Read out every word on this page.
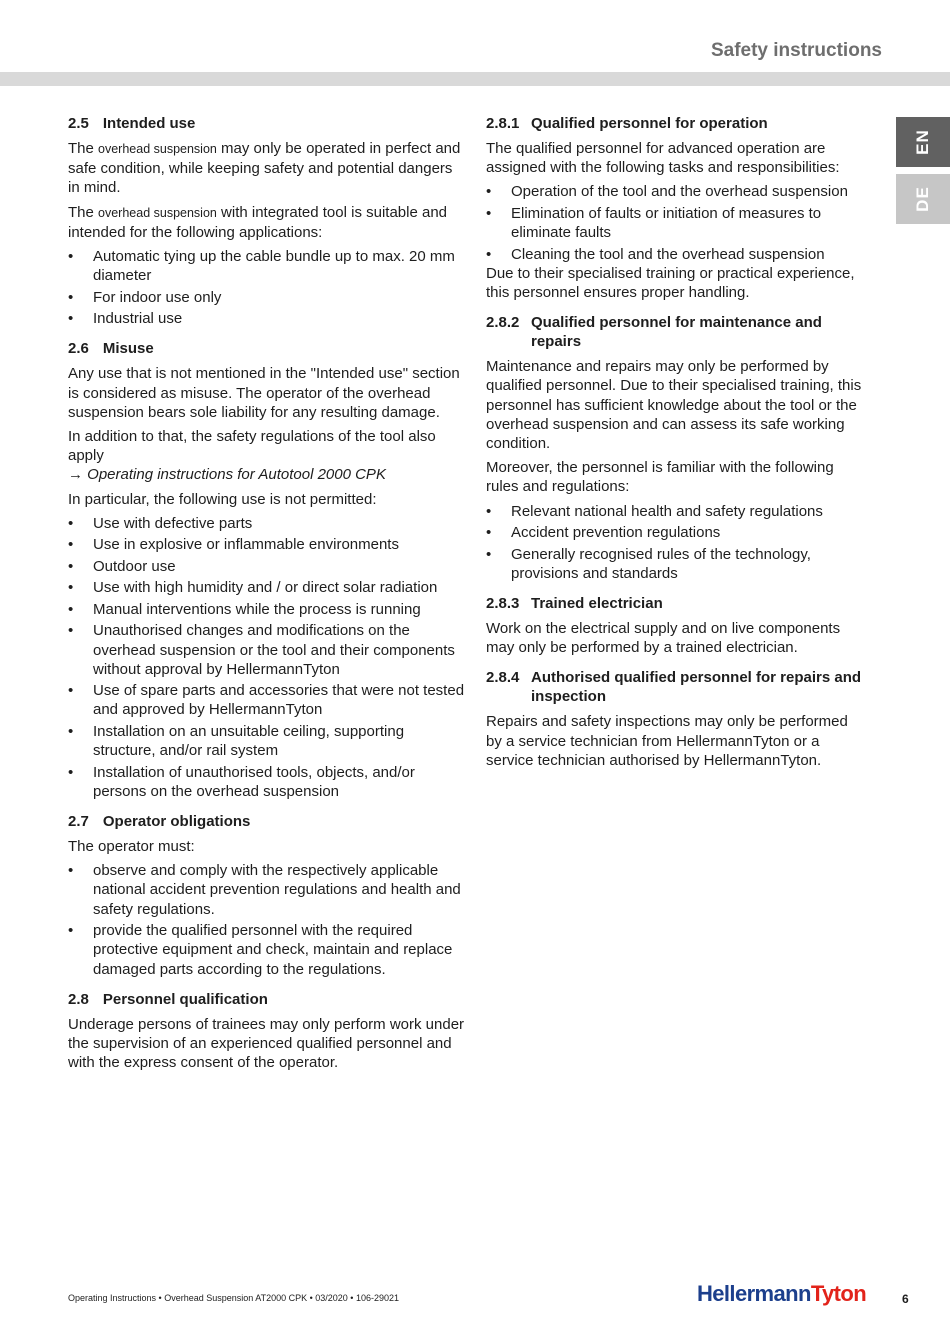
Safety instructions
EN
DE
2.5 Intended use

The overhead suspension may only be operated in perfect and safe condition, while keeping safety and potential dangers in mind.

The overhead suspension with integrated tool is suitable and intended for the following applications:

• Automatic tying up the cable bundle up to max. 20 mm diameter
• For indoor use only
• Industrial use
2.6 Misuse

Any use that is not mentioned in the "Intended use" section is considered as misuse. The operator of the overhead suspension bears sole liability for any resulting damage.

In addition to that, the safety regulations of the tool also apply

→ Operating instructions for Autotool 2000 CPK

In particular, the following use is not permitted:

• Use with defective parts
• Use in explosive or inflammable environments
• Outdoor use
• Use with high humidity and / or direct solar radiation
• Manual interventions while the process is running
• Unauthorised changes and modifications on the overhead suspension or the tool and their components without approval by HellermannTyton
• Use of spare parts and accessories that were not tested and approved by HellermannTyton
• Installation on an unsuitable ceiling, supporting structure, and/or rail system
• Installation of unauthorised tools, objects, and/or persons on the overhead suspension
2.7 Operator obligations

The operator must:

• observe and comply with the respectively applicable national accident prevention regulations and health and safety regulations.
• provide the qualified personnel with the required protective equipment and check, maintain and replace damaged parts according to the regulations.
2.8 Personnel qualification

Underage persons of trainees may only perform work under the supervision of an experienced qualified personnel and with the express consent of the operator.

2.8.1 Qualified personnel for operation

The qualified personnel for advanced operation are assigned with the following tasks and responsibilities:

• Operation of the tool and the overhead suspension
• Elimination of faults or initiation of measures to eliminate faults
• Cleaning the tool and the overhead suspension

Due to their specialised training or practical experience, this personnel ensures proper handling.

2.8.2 Qualified personnel for maintenance and repairs

Maintenance and repairs may only be performed by qualified personnel. Due to their specialised training, this personnel has sufficient knowledge about the tool or the overhead suspension and can assess its safe working condition.

Moreover, the personnel is familiar with the following rules and regulations:

• Relevant national health and safety regulations
• Accident prevention regulations
• Generally recognised rules of the technology, provisions and standards
2.8.3 Trained electrician

Work on the electrical supply and on live components may only be performed by a trained electrician.

2.8.4 Authorised qualified personnel for repairs and inspection

Repairs and safety inspections may only be performed by a service technician from HellermannTyton or a service technician authorised by HellermannTyton.

Operating Instructions • Overhead Suspension AT2000 CPK • 03/2020 • 106-29021	HellermannTyton	6
